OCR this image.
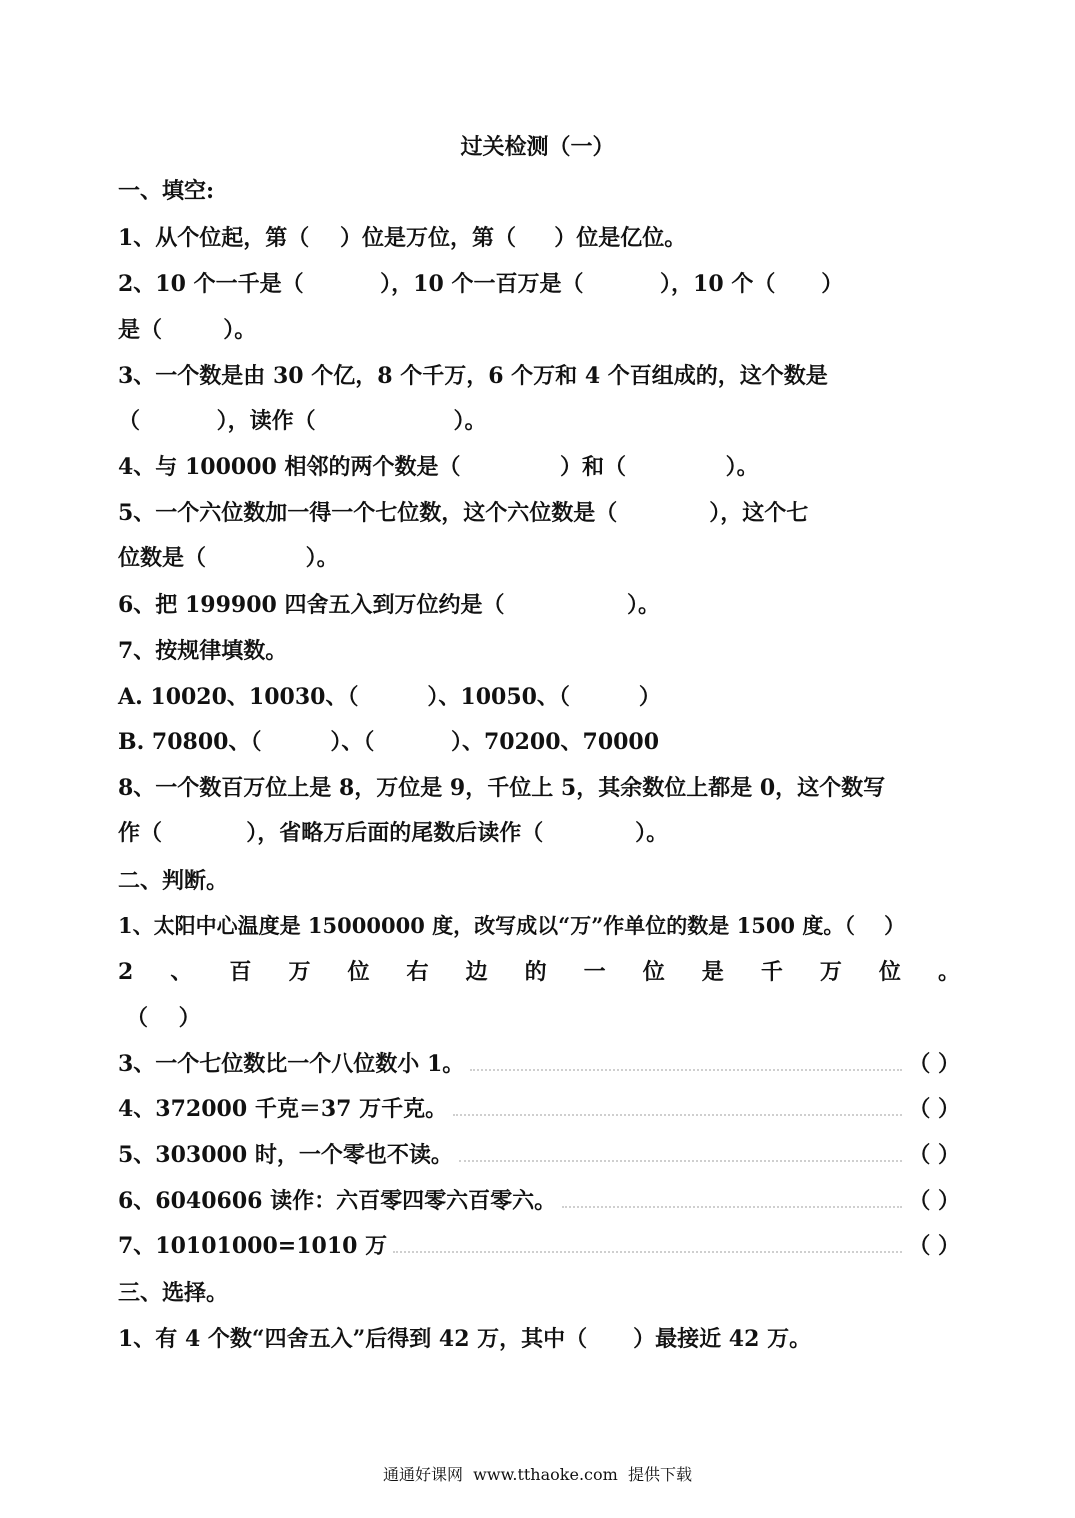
过关检测（一）
一、填空:
1、从个位起，第（    ）位是万位，第（     ）位是亿位。
2、10 个一千是（          ），10 个一百万是（          ），10 个（      ）
是（        ）。
3、一个数是由 30 个亿，8 个千万，6 个万和 4 个百组成的，这个数是
（          ），读作（                  ）。
4、与 100000 相邻的两个数是（             ）和（             ）。
5、一个六位数加一得一个七位数，这个六位数是（            ），这个七
位数是（             ）。
6、把 199900 四舍五入到万位约是（                ）。
7、按规律填数。
A. 10020、10030、（         ）、10050、（         ）
B. 70800、（         ）、（          ）、70200、70000
8、一个数百万位上是 8，万位是 9，千位上 5，其余数位上都是 0，这个数写
作（           ），省略万后面的尾数后读作（            ）。
二、判断。
1、太阳中心温度是 15000000 度，改写成以“万”作单位的数是 1500 度。（    ）
2 、 百 万 位 右 边 的 一 位 是 千 万 位 。
（    ）
3、一个七位数比一个八位数小 1。	（ ）
4、372000 千克＝37 万千克。	（ ）
5、303000 时，一个零也不读。	（ ）
6、6040606 读作：六百零四零六百零六。	（ ）
7、10101000=1010 万	（ ）
三、选择。
1、有 4 个数“四舍五入”后得到 42 万，其中（      ）最接近 42 万。
通通好课网  www.tthaoke.com  提供下载
